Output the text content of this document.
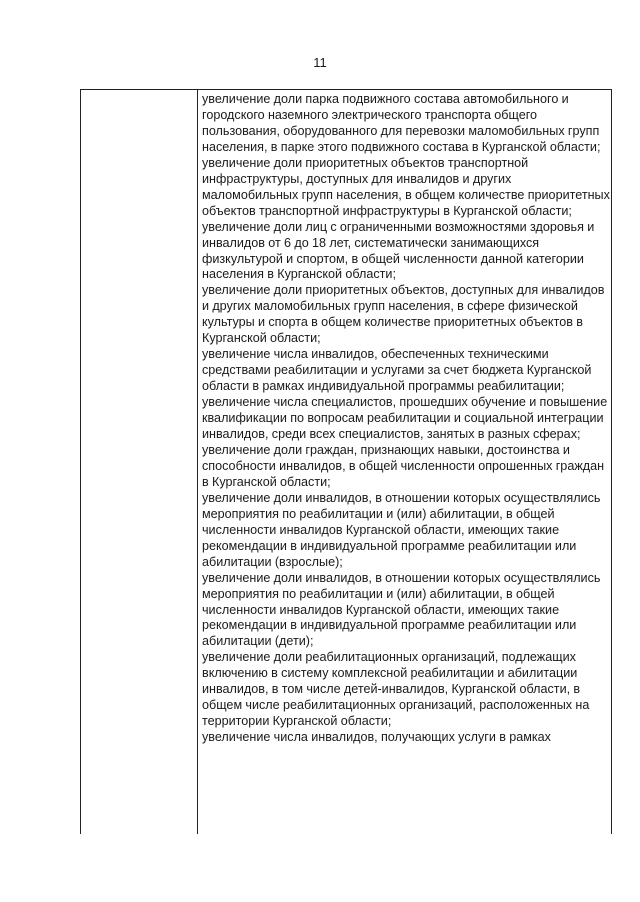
11

увеличение доли парка подвижного состава автомобильного и городского наземного электрического транспорта общего пользования, оборудованного для перевозки маломобильных групп населения, в парке этого подвижного состава в Курганской области;

увеличение доли приоритетных объектов транспортной инфраструктуры, доступных для инвалидов и других маломобильных групп населения, в общем количестве приоритетных объектов транспортной инфраструктуры в Курганской области;

увеличение доли лиц с ограниченными возможностями здоровья и инвалидов от 6 до 18 лет, систематически занимающихся физкультурой и спортом, в общей численности данной категории населения в Курганской области;

увеличение доли приоритетных объектов, доступных для инвалидов и других маломобильных групп населения, в сфере физической культуры и спорта в общем количестве приоритетных объектов в Курганской области;

увеличение числа инвалидов, обеспеченных техническими средствами реабилитации и услугами за счет бюджета Курганской области в рамках индивидуальной программы реабилитации;

увеличение числа специалистов, прошедших обучение и повышение квалификации по вопросам реабилитации и социальной интеграции инвалидов, среди всех специалистов, занятых в разных сферах;

увеличение доли граждан, признающих навыки, достоинства и способности инвалидов, в общей численности опрошенных граждан в Курганской области;

увеличение доли инвалидов, в отношении которых осуществлялись мероприятия по реабилитации и (или) абилитации, в общей численности инвалидов Курганской области, имеющих такие рекомендации в индивидуальной программе реабилитации или абилитации (взрослые);

увеличение доли инвалидов, в отношении которых осуществлялись мероприятия по реабилитации и (или) абилитации, в общей численности инвалидов Курганской области, имеющих такие рекомендации в индивидуальной программе реабилитации или абилитации (дети);

увеличение доли реабилитационных организаций, подлежащих включению в систему комплексной реабилитации и абилитации инвалидов, в том числе детей-инвалидов, Курганской области, в общем числе реабилитационных организаций, расположенных на территории Курганской области;

увеличение числа инвалидов, получающих услуги в рамках
